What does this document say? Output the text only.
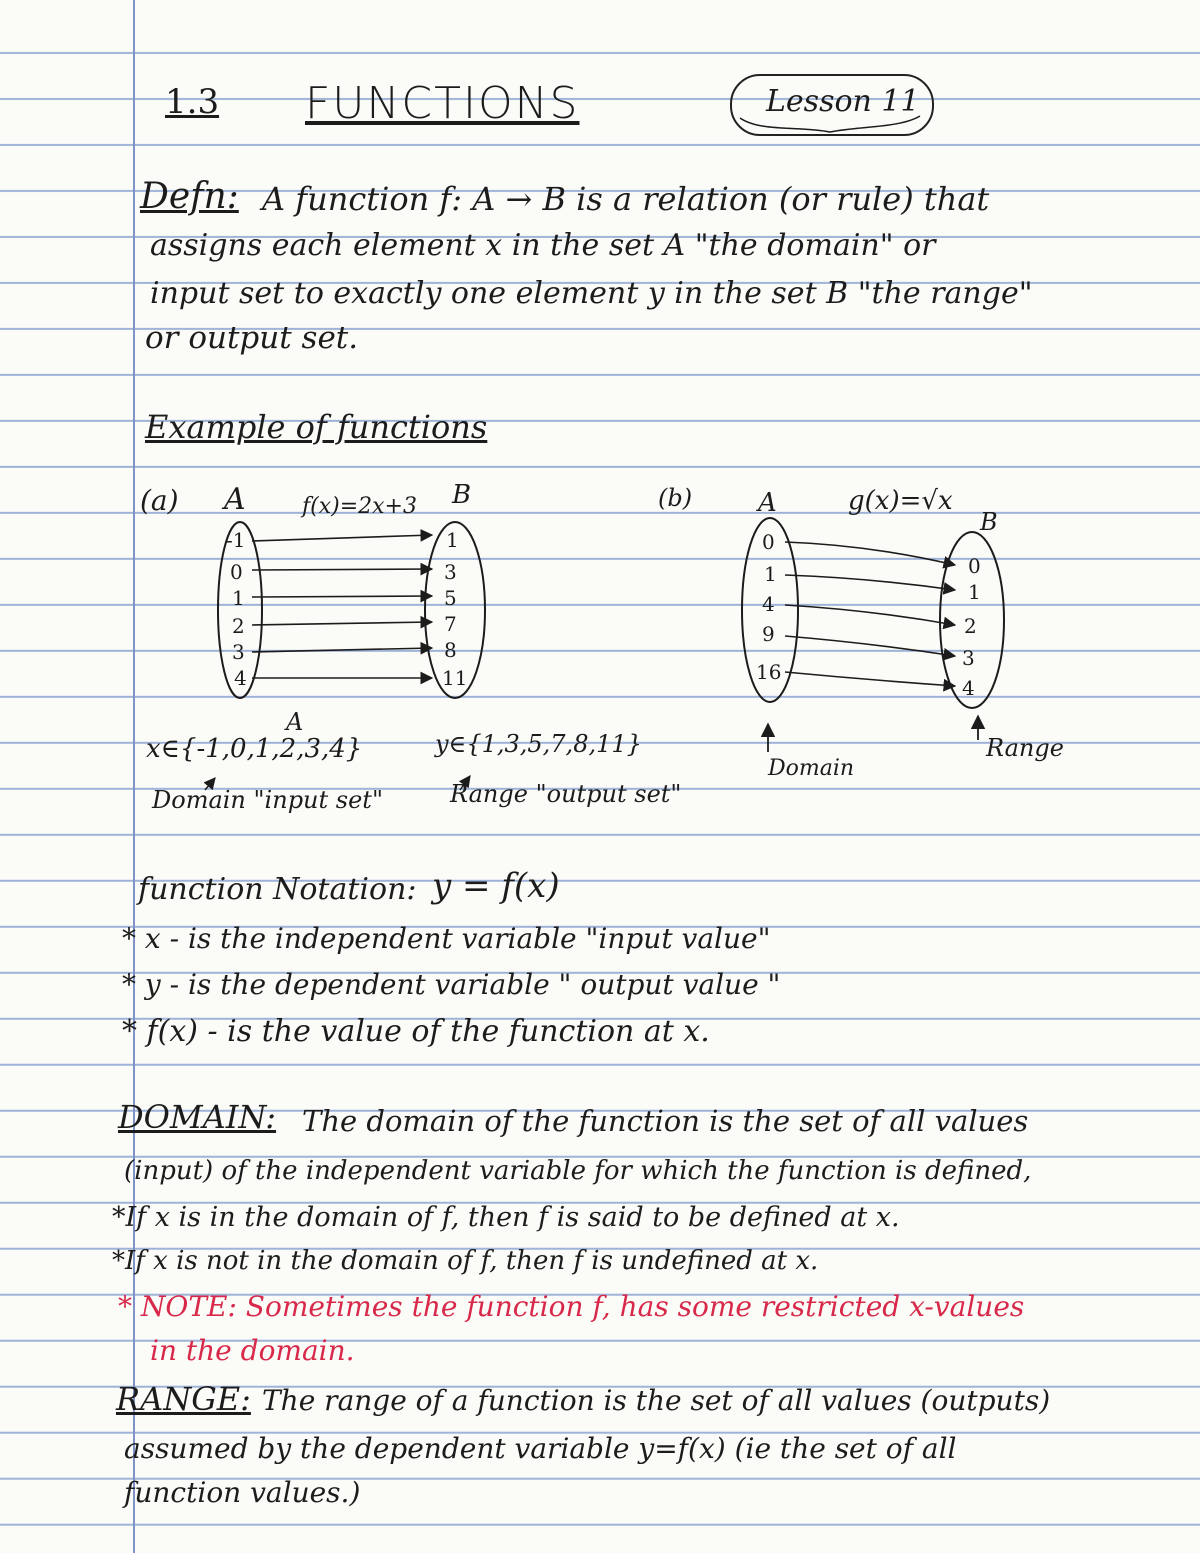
1.3 FUNCTIONS	Lesson 11
Defn: A function f: A → B is a relation (or rule) that
assigns each element x in the set A "the domain" or
input set to exactly one element y in the set B "the range"
or output set.
Example of functions
(a) A	f(x)=2x+3 B
-1
0
1
2
3
4
1
3
5
7
8
11
A
x∈{-1,0,1,2,3,4}	y∈{1,3,5,7,8,11}
Domain "input set"	Range "output set"
(b)	A	g(x)=√x
B
0
1
4
9
16
0
1
2
3
4
Domain
Range
function Notation: y = f(x)
* x - is the independent variable "input value"
* y - is the dependent variable " output value "
* f(x) - is the value of the function at x.
DOMAIN: The domain of the function is the set of all values
(input) of the independent variable for which the function is defined,
*If x is in the domain of f, then f is said to be defined at x.
*If x is not in the domain of f, then f is undefined at x.
* NOTE: Sometimes the function f, has some restricted x-values
in the domain.
RANGE: The range of a function is the set of all values (outputs)
assumed by the dependent variable y=f(x) (ie the set of all
function values.)
